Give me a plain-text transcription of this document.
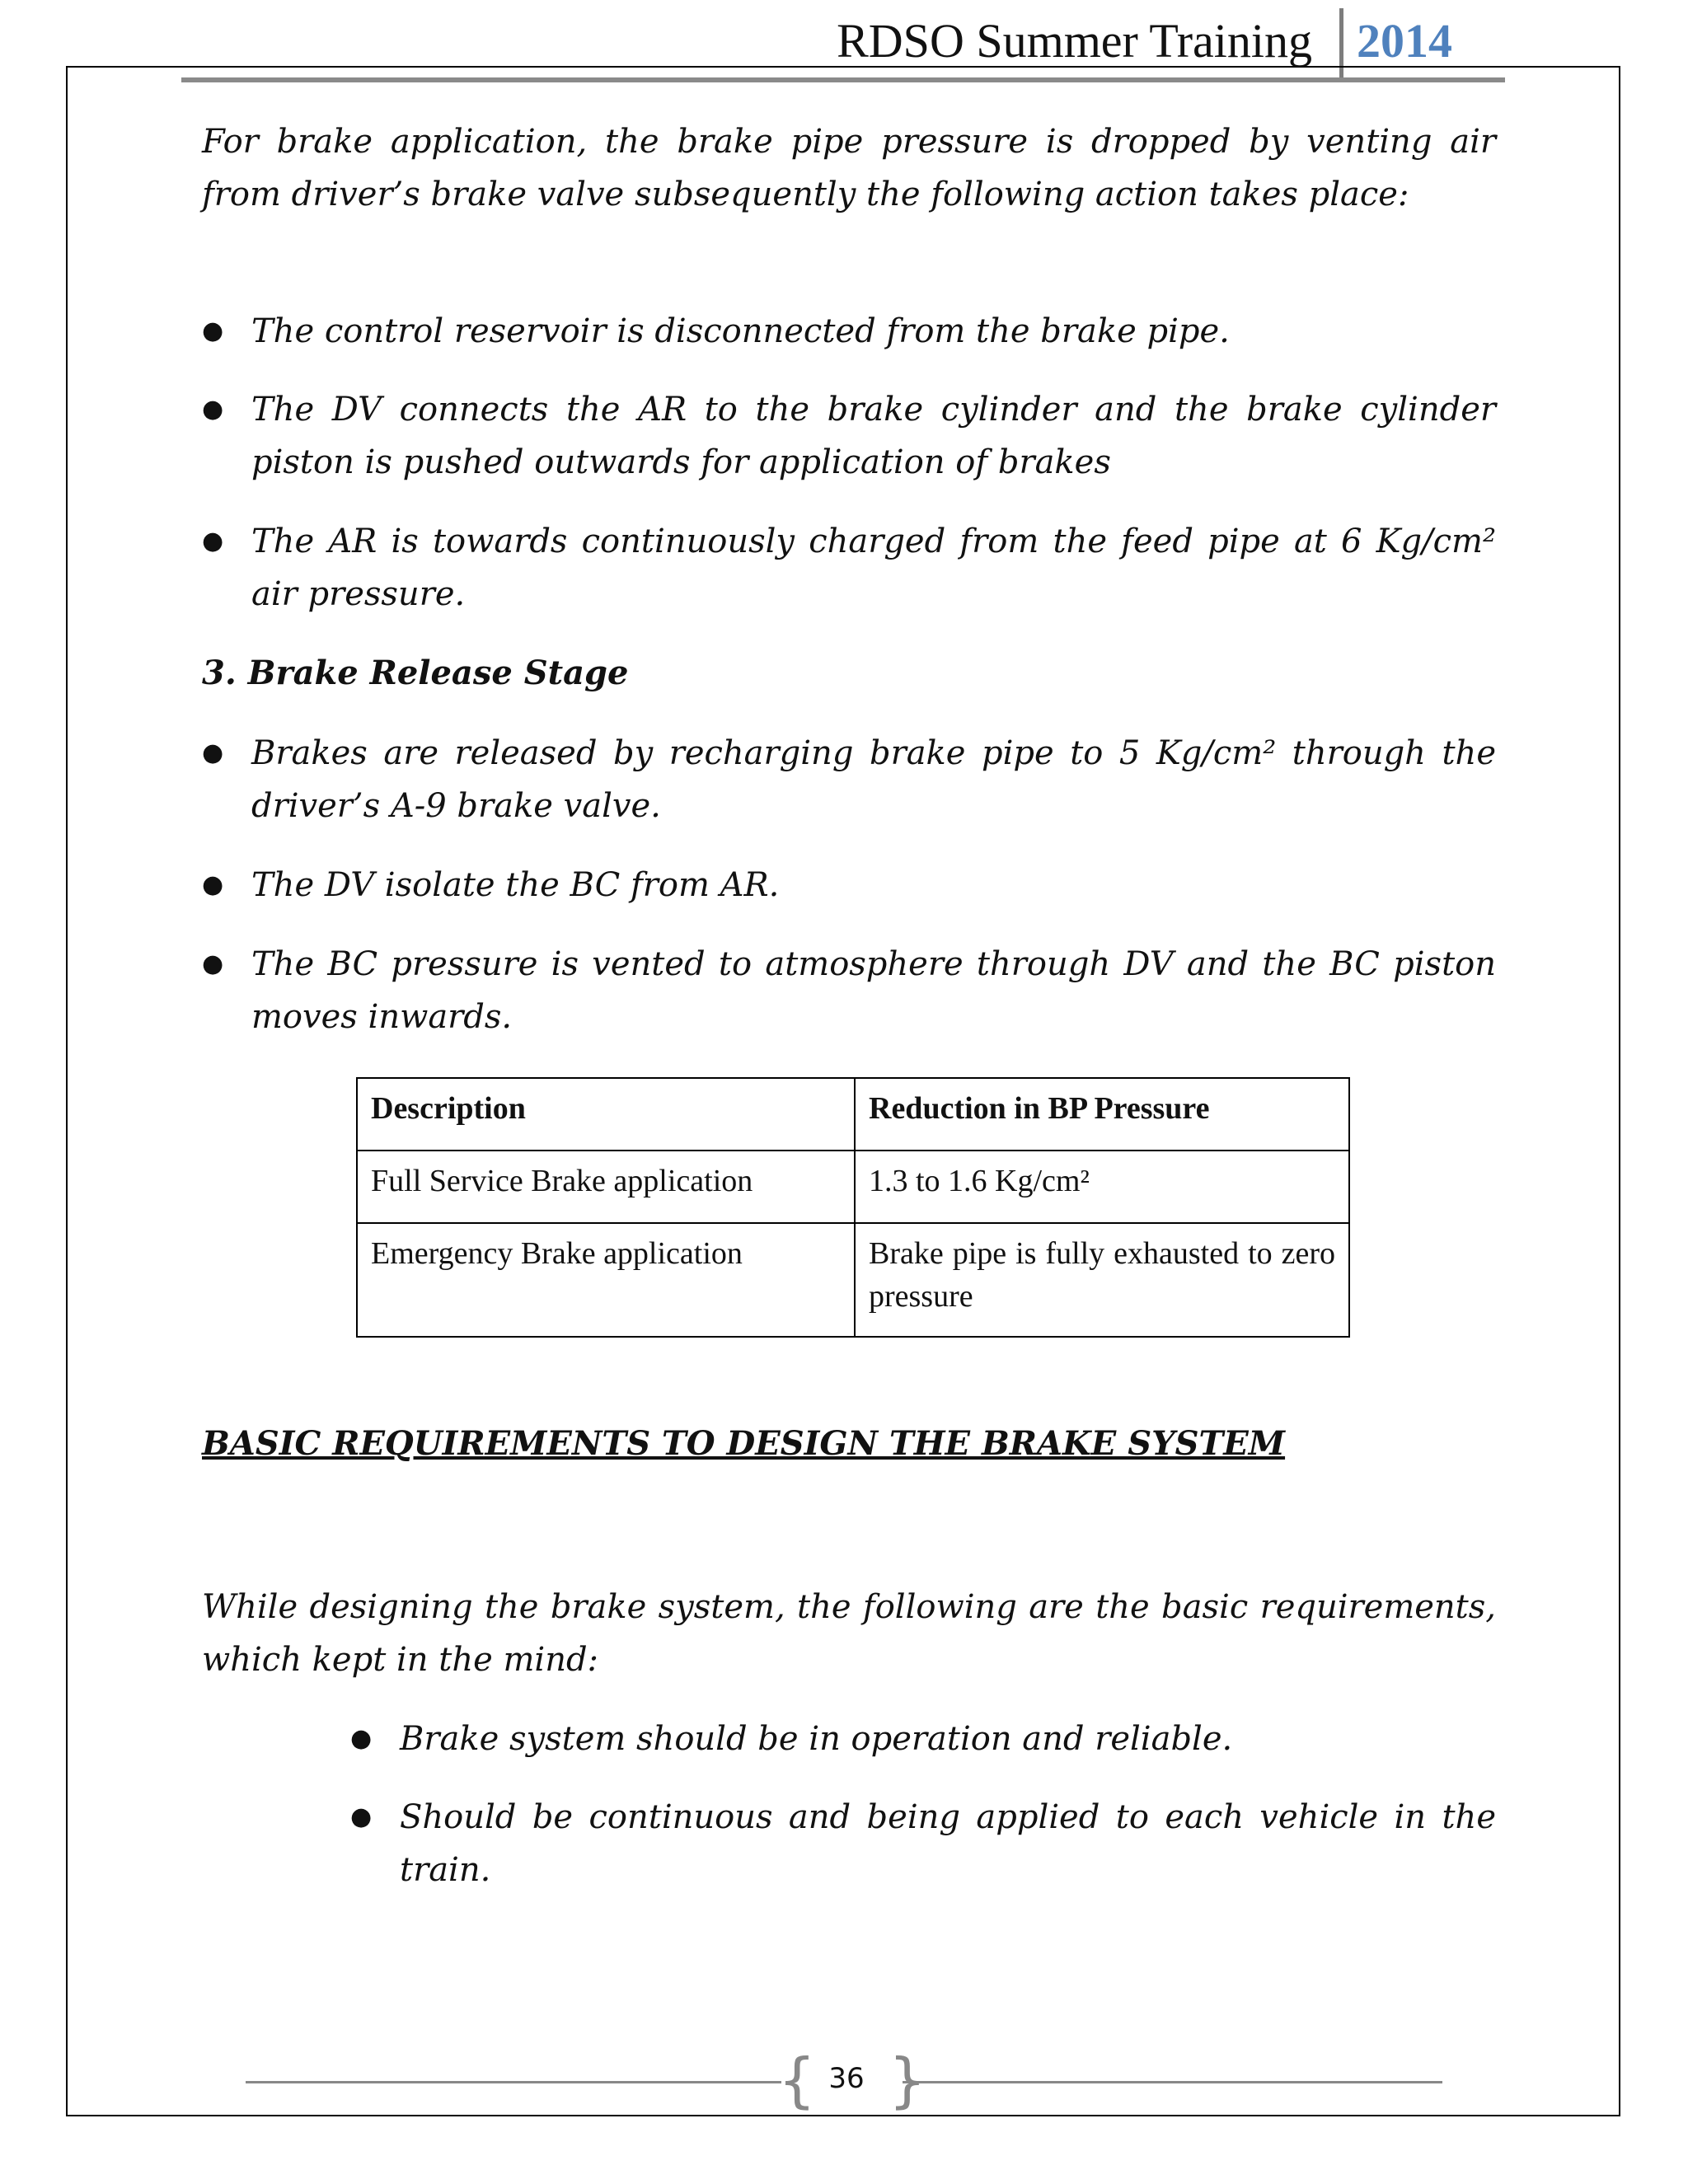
RDSO Summer Training 2014

For brake application, the brake pipe pressure is dropped by venting air from driver’s brake valve subsequently the following action takes place:

● The control reservoir is disconnected from the brake pipe.
● The DV connects the AR to the brake cylinder and the brake cylinder piston is pushed outwards for application of brakes
● The AR is towards continuously charged from the feed pipe at 6 Kg/cm² air pressure.

3. Brake Release Stage

● Brakes are released by recharging brake pipe to 5 Kg/cm² through the driver’s A-9 brake valve.
● The DV isolate the BC from AR.
● The BC pressure is vented to atmosphere through DV and the BC piston moves inwards.
Description	Reduction in BP Pressure
Full Service Brake application	1.3 to 1.6 Kg/cm²
Emergency Brake application	Brake pipe is fully exhausted to zero pressure

BASIC REQUIREMENTS TO DESIGN THE BRAKE SYSTEM

While designing the brake system, the following are the basic requirements, which kept in the mind:

● Brake system should be in operation and reliable.
● Should be continuous and being applied to each vehicle in the train.
{ }
36
